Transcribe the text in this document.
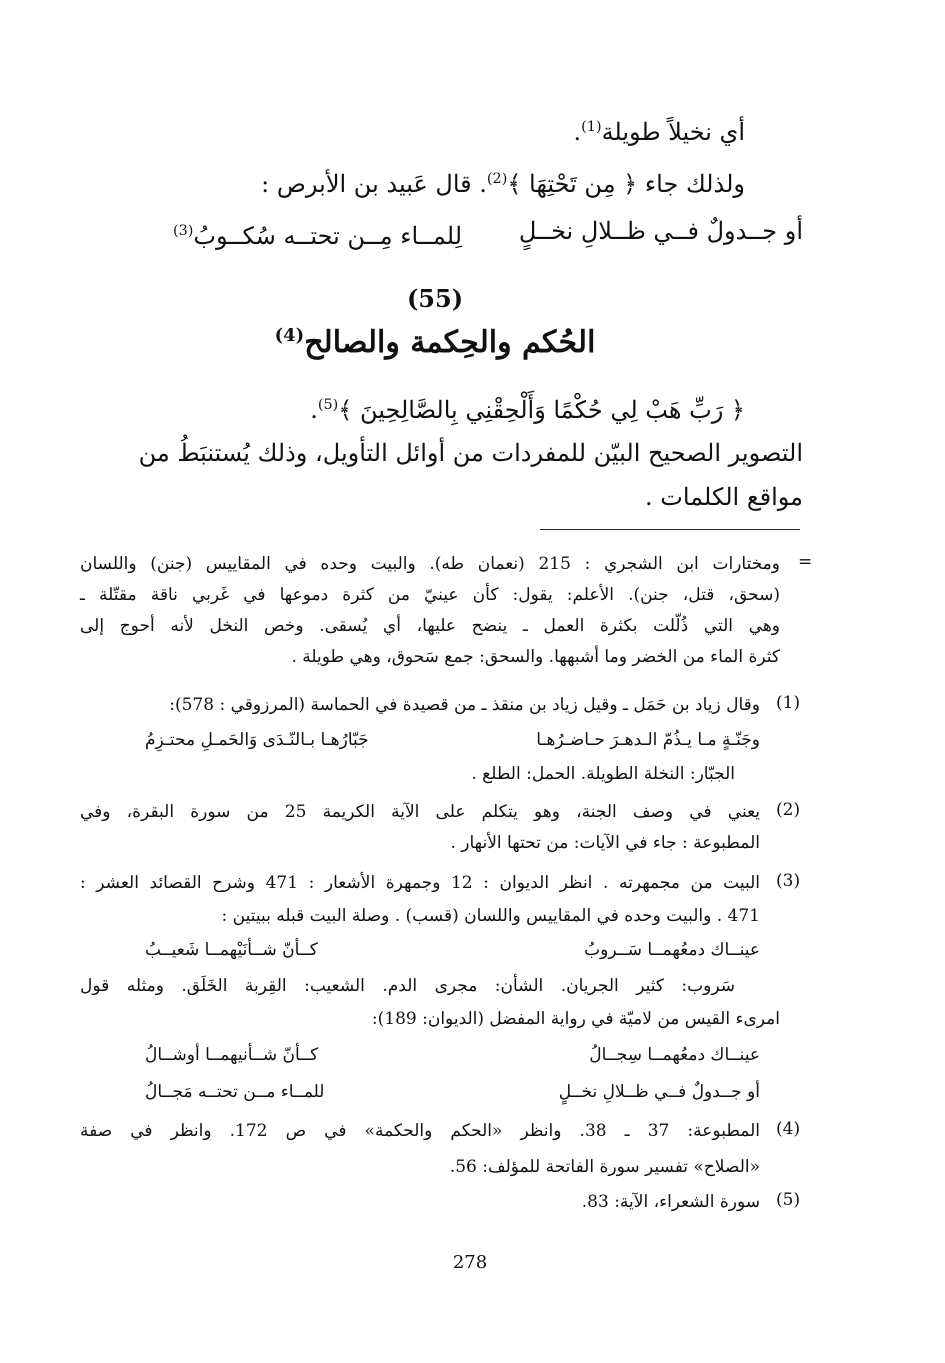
أي نخيلاً طويلة$^{(1)}$.

ولذلك جاء ﴿ مِن تَحْتِهَا ﴾$^{(2)}$. قال عَبيد بن الأبرص :

أو جــدولٌ فــي ظــلالِ نخــلٍ
لِلمــاء مِــن تحتــه سُكــوبُ(3)
(55)
الحُكم والحِكمة والصالح$^{(4)}$

﴿ رَبِّ هَبْ لِي حُكْمًا وَأَلْحِقْنِي بِالصَّالِحِينَ ﴾$^{(5)}$.

التصوير الصحيح البيّن للمفردات من أوائل التأويل، وذلك يُستنبَطُ من

مواقع الكلمات .

=

ومختارات ابن الشجري : 215 (نعمان طه). والبيت وحده في المقاييس (جنن) واللسان

(سحق، قتل، جنن). الأعلم: يقول: كأن عينيّ من كثرة دموعها في غَربي ناقة مقتّلة ـ

وهي التي ذُلّلت بكثرة العمل ـ ينضح عليها، أي يُسقى. وخص النخل لأنه أحوج إلى

كثرة الماء من الخضر وما أشبهها. والسحق: جمع سَحوق، وهي طويلة .

(1)

وقال زياد بن حَمَل ـ وقيل زياد بن منقذ ـ من قصيدة في الحماسة (المرزوقي : 578):

وجَنّـةٍ مـا يـذُمّ الـدهـرَ حـاضـرُهـا
جَبّارُهـا بـالنّـدَى وَالحَمـلِ محتـزِمُ

الجبّار: النخلة الطويلة. الحمل: الطلع .

(2)

يعني في وصف الجنة، وهو يتكلم على الآية الكريمة 25 من سورة البقرة، وفي

المطبوعة : جاء في الآيات: من تحتها الأنهار .

(3)

البيت من مجمهرته . انظر الديوان : 12 وجمهرة الأشعار : 471 وشرح القصائد العشر :

471 . والبيت وحده في المقاييس واللسان (قسب) . وصلة البيت قبله ببيتين :

عينــاك دمعُهمــا سَــروبُ
كــأنّ شــأنَيْهمــا شَعيــبُ

سَروب: كثير الجريان. الشأن: مجرى الدم. الشعيب: القِربة الخَلَق. ومثله قول

امرىء القيس من لاميّة في رواية المفضل (الديوان: 189):

عينــاك دمعُهمــا سِجــالُ
كــأنّ شــأنيهمــا أوشــالُ
أو جــدولٌ فــي ظــلالِ نخــلٍ
للمــاء مــن تحتــه مَجــالُ
(4)

المطبوعة: 37 ـ 38. وانظر «الحكم والحكمة» في ص 172. وانظر في صفة

«الصلاح» تفسير سورة الفاتحة للمؤلف: 56.

(5)

سورة الشعراء، الآية: 83.

278
